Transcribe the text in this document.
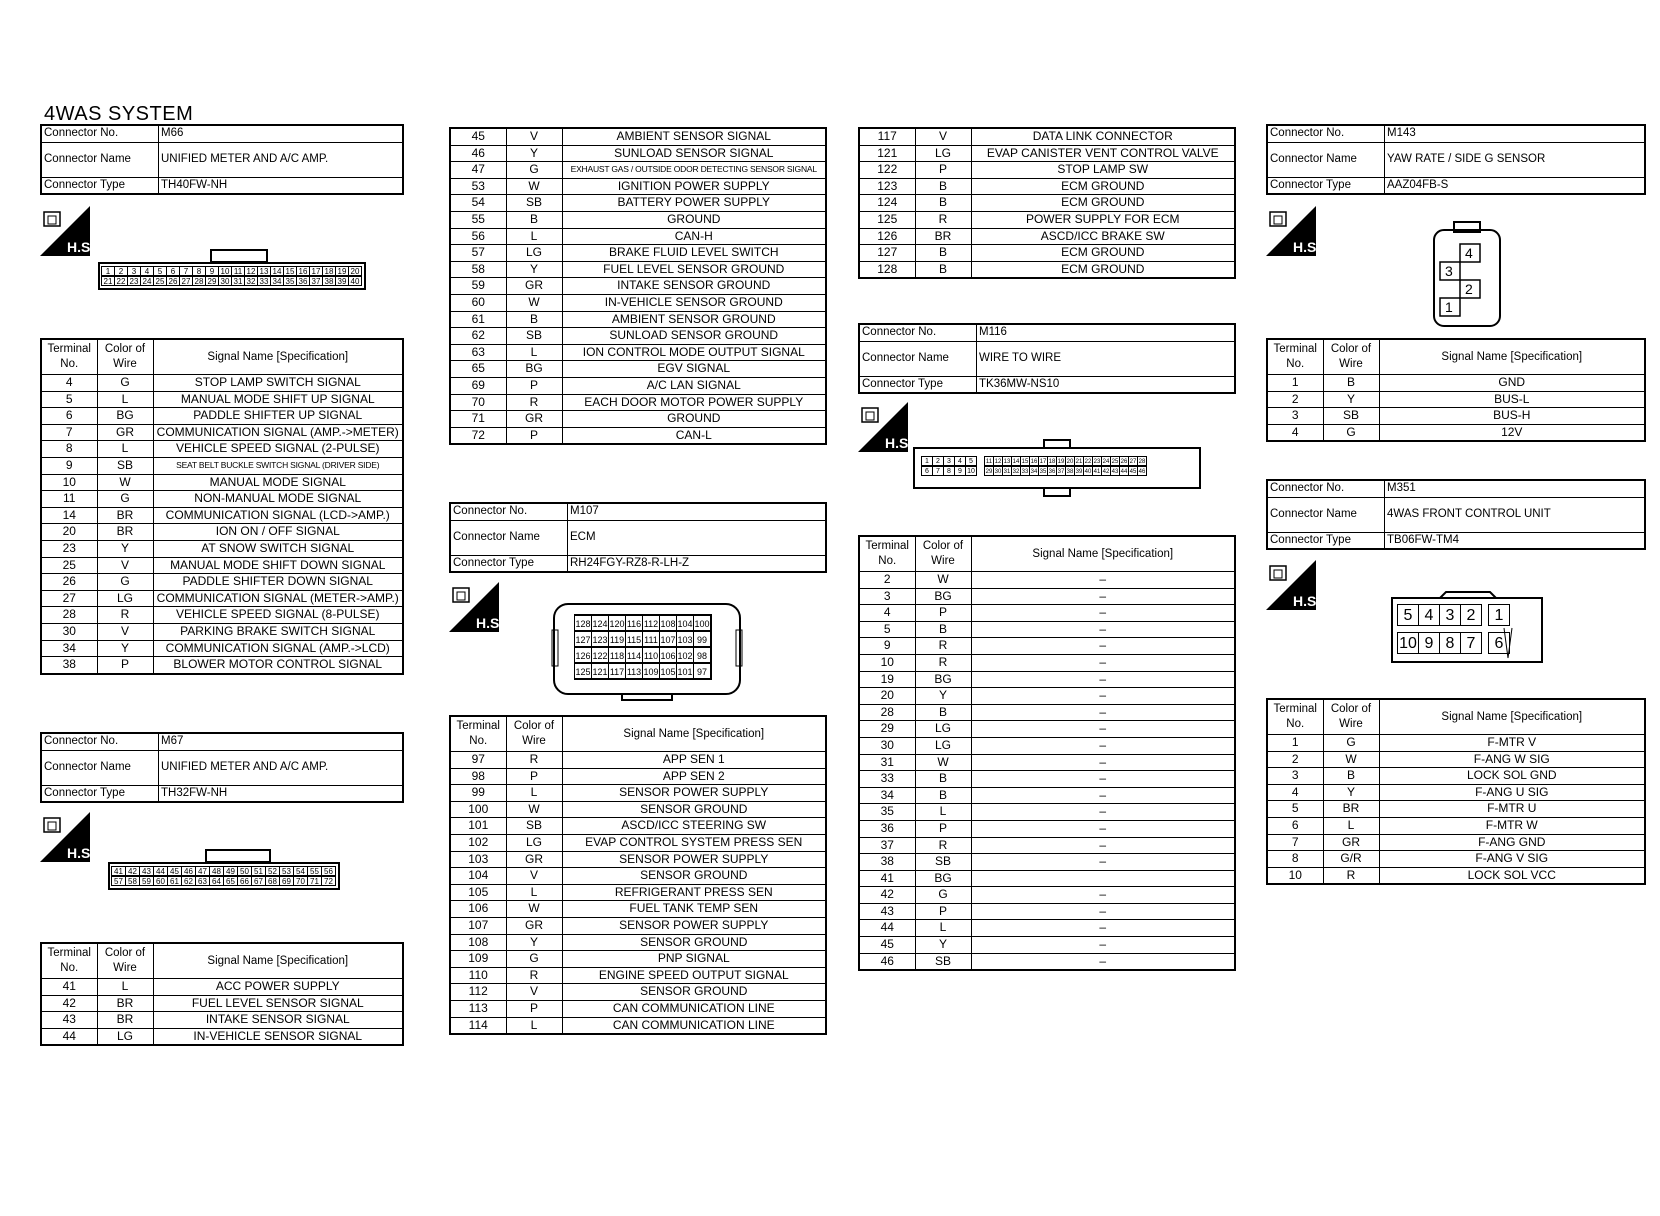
4WAS SYSTEM
Connector No.	M66
Connector Name	UNIFIED METER AND A/C AMP.
Connector Type	TH40FW-NH
H.S.
1	2	3	4	5	6	7	8	9 10 11 12 13 14 15 16 17 18 19 20
21 22 23 24 25 26 27 28 29 30 31 32 33 34 35 36 37 38 39 40
Terminal No.	Color of Wire	Signal Name [Specification]
4	G	STOP LAMP SWITCH SIGNAL
5	L	MANUAL MODE SHIFT UP SIGNAL
6	BG	PADDLE SHIFTER UP SIGNAL
7	GR	COMMUNICATION SIGNAL (AMP.->METER)
8	L	VEHICLE SPEED SIGNAL (2-PULSE)
9	SB	SEAT BELT BUCKLE SWITCH SIGNAL (DRIVER SIDE)
10	W	MANUAL MODE SIGNAL
11	G	NON-MANUAL MODE SIGNAL
14	BR	COMMUNICATION SIGNAL (LCD->AMP.)
20	BR	ION ON / OFF SIGNAL
23	Y	AT SNOW SWITCH SIGNAL
25	V	MANUAL MODE SHIFT DOWN SIGNAL
26	G	PADDLE SHIFTER DOWN SIGNAL
27	LG	COMMUNICATION SIGNAL (METER->AMP.)
28	R	VEHICLE SPEED SIGNAL (8-PULSE)
30	V	PARKING BRAKE SWITCH SIGNAL
34	Y	COMMUNICATION SIGNAL (AMP.->LCD)
38	P	BLOWER MOTOR CONTROL SIGNAL
Connector No.	M67
Connector Name	UNIFIED METER AND A/C AMP.
Connector Type	TH32FW-NH
H.S.
41 42 43 44 45 46 47 48 49 50 51 52 53 54 55 56
57 58 59 60 61 62 63 64 65 66 67 68 69 70 71 72
Terminal No.	Color of Wire	Signal Name [Specification]
41	L	ACC POWER SUPPLY
42	BR	FUEL LEVEL SENSOR SIGNAL
43	BR	INTAKE SENSOR SIGNAL
44	LG	IN-VEHICLE SENSOR SIGNAL
45	V	AMBIENT SENSOR SIGNAL
46	Y	SUNLOAD SENSOR SIGNAL
47	G	EXHAUST GAS / OUTSIDE ODOR DETECTING SENSOR SIGNAL
53	W	IGNITION POWER SUPPLY
54	SB	BATTERY POWER SUPPLY
55	B	GROUND
56	L	CAN-H
57	LG	BRAKE FLUID LEVEL SWITCH
58	Y	FUEL LEVEL SENSOR GROUND
59	GR	INTAKE SENSOR GROUND
60	W	IN-VEHICLE SENSOR GROUND
61	B	AMBIENT SENSOR GROUND
62	SB	SUNLOAD SENSOR GROUND
63	L	ION CONTROL MODE OUTPUT SIGNAL
65	BG	EGV SIGNAL
69	P	A/C LAN SIGNAL
70	R	EACH DOOR MOTOR POWER SUPPLY
71	GR	GROUND
72	P	CAN-L
Connector No.	M107
Connector Name	ECM
Connector Type	RH24FGY-RZ8-R-LH-Z
H.S.	128 124 120 116 112 108 104 100
127 123 119 115 111 107 103 99
126 122 118 114 110 106 102 98
125 121 117 113 109 105 101 97
Terminal No.	Color of Wire	Signal Name [Specification]
97	R	APP SEN 1
98	P	APP SEN 2
99	L	SENSOR POWER SUPPLY
100	W	SENSOR GROUND
101	SB	ASCD/ICC STEERING SW
102	LG	EVAP CONTROL SYSTEM PRESS SEN
103	GR	SENSOR POWER SUPPLY
104	V	SENSOR GROUND
105	L	REFRIGERANT PRESS SEN
106	W	FUEL TANK TEMP SEN
107	GR	SENSOR POWER SUPPLY
108	Y	SENSOR GROUND
109	G	PNP SIGNAL
110	R	ENGINE SPEED OUTPUT SIGNAL
112	V	SENSOR GROUND
113	P	CAN COMMUNICATION LINE
114	L	CAN COMMUNICATION LINE
117	V	DATA LINK CONNECTOR
121	LG	EVAP CANISTER VENT CONTROL VALVE
122	P	STOP LAMP SW
123	B	ECM GROUND
124	B	ECM GROUND
125	R	POWER SUPPLY FOR ECM
126	BR	ASCD/ICC BRAKE SW
127	B	ECM GROUND
128	B	ECM GROUND
Connector No.	M116
Connector Name	WIRE TO WIRE
Connector Type	TK36MW-NS10
H.S.
1	2	3	4	5
6	7	8	9 10
11 12 13 14 15 16 17 18 19 20 21 22 23 24 25 26 27 28
29 30 31 32 33 34 35 36 37 38 39 40 41 42 43 44 45 46
Terminal No.	Color of Wire	Signal Name [Specification]
2	W	–
3	BG	–
4	P	–
5	B	–
9	R	–
10	R	–
19	BG	–
20	Y	–
28	B	–
29	LG	–
30	LG	–
31	W	–
33	B	–
34	B	–
35	L	–
36	P	–
37	R	–
38	SB	–
41	BG	
42	G	–
43	P	–
44	L	–
45	Y	–
46	SB	–
Connector No.	M143
Connector Name	YAW RATE / SIDE G SENSOR
Connector Type	AAZ04FB-S
H.S.	4
3
2
1
Terminal No.	Color of Wire	Signal Name [Specification]
1	B	GND
2	Y	BUS-L
3	SB	BUS-H
4	G	12V
Connector No.	M351
Connector Name	4WAS FRONT CONTROL UNIT
Connector Type	TB06FW-TM4
H.S.
5 4 3 2	1
10 9 8 7	6
Terminal No.	Color of Wire	Signal Name [Specification]
1	G	F-MTR V
2	W	F-ANG W SIG
3	B	LOCK SOL GND
4	Y	F-ANG U SIG
5	BR	F-MTR U
6	L	F-MTR W
7	GR	F-ANG GND
8	G/R	F-ANG V SIG
10	R	LOCK SOL VCC
